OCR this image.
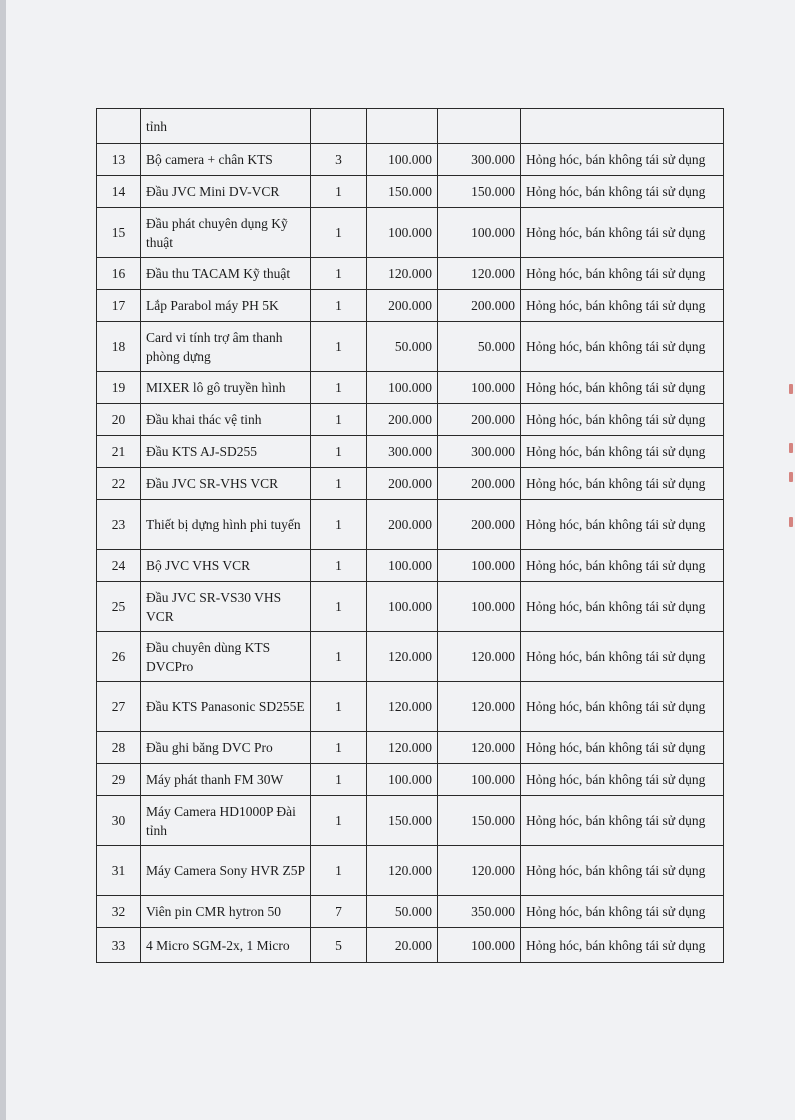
	tỉnh				
13	Bộ camera + chân KTS	3	100.000	300.000	Hỏng hóc, bán không tái sử dụng
14	Đầu JVC Mini DV-VCR	1	150.000	150.000	Hỏng hóc, bán không tái sử dụng
15	Đầu phát chuyên dụng Kỹ thuật	1	100.000	100.000	Hỏng hóc, bán không tái sử dụng
16	Đầu thu TACAM Kỹ thuật	1	120.000	120.000	Hỏng hóc, bán không tái sử dụng
17	Lắp Parabol máy PH 5K	1	200.000	200.000	Hỏng hóc, bán không tái sử dụng
18	Card vi tính trợ âm thanh phòng dựng	1	50.000	50.000	Hỏng hóc, bán không tái sử dụng
19	MIXER lô gô truyền hình	1	100.000	100.000	Hỏng hóc, bán không tái sử dụng
20	Đầu khai thác vệ tinh	1	200.000	200.000	Hỏng hóc, bán không tái sử dụng
21	Đầu KTS AJ-SD255	1	300.000	300.000	Hỏng hóc, bán không tái sử dụng
22	Đầu JVC SR-VHS VCR	1	200.000	200.000	Hỏng hóc, bán không tái sử dụng
23	Thiết bị dựng hình phi tuyến	1	200.000	200.000	Hỏng hóc, bán không tái sử dụng
24	Bộ JVC VHS VCR	1	100.000	100.000	Hỏng hóc, bán không tái sử dụng
25	Đầu JVC SR-VS30 VHS VCR	1	100.000	100.000	Hỏng hóc, bán không tái sử dụng
26	Đầu chuyên dùng KTS DVCPro	1	120.000	120.000	Hỏng hóc, bán không tái sử dụng
27	Đầu KTS Panasonic SD255E	1	120.000	120.000	Hỏng hóc, bán không tái sử dụng
28	Đầu ghi băng DVC Pro	1	120.000	120.000	Hỏng hóc, bán không tái sử dụng
29	Máy phát thanh FM 30W	1	100.000	100.000	Hỏng hóc, bán không tái sử dụng
30	Máy Camera HD1000P Đài tỉnh	1	150.000	150.000	Hỏng hóc, bán không tái sử dụng
31	Máy Camera Sony HVR Z5P	1	120.000	120.000	Hỏng hóc, bán không tái sử dụng
32	Viên pin CMR hytron 50	7	50.000	350.000	Hỏng hóc, bán không tái sử dụng
33	4 Micro SGM-2x, 1 Micro	5	20.000	100.000	Hỏng hóc, bán không tái sử dụng
